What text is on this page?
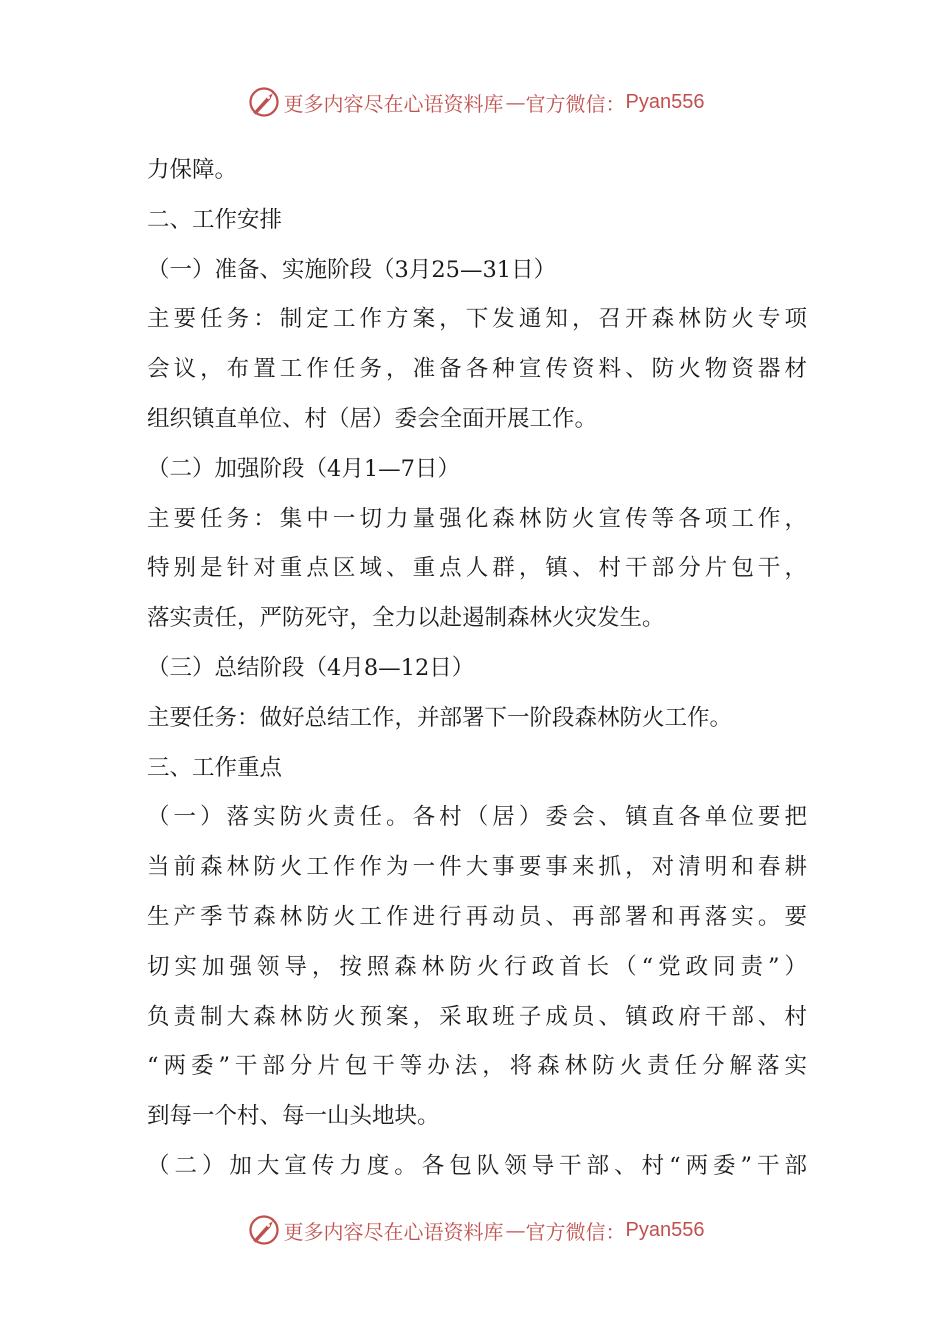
更多内容尽在心语资料库 — 官方微信： Pyan556
力保障。
二、工作安排
（一）准备、实施阶段（3月25—31日）
主要任务：制定工作方案，下发通知，召开森林防火专项
会议，布置工作任务，准备各种宣传资料、防火物资器材
组织镇直单位、村（居）委会全面开展工作。
（二）加强阶段（4月1—7日）
主要任务：集中一切力量强化森林防火宣传等各项工作，
特别是针对重点区域、重点人群，镇、村干部分片包干，
落实责任，严防死守，全力以赴遏制森林火灾发生。
（三）总结阶段（4月8—12日）
主要任务：做好总结工作，并部署下一阶段森林防火工作。
三、工作重点
（一）落实防火责任。各村（居）委会、镇直各单位要把
当前森林防火工作作为一件大事要事来抓，对清明和春耕
生产季节森林防火工作进行再动员、再部署和再落实。要
切实加强领导，按照森林防火行政首长（“党政同责”）
负责制大森林防火预案，采取班子成员、镇政府干部、村
“两委”干部分片包干等办法，将森林防火责任分解落实
到每一个村、每一山头地块。
（二）加大宣传力度。各包队领导干部、村“两委”干部
更多内容尽在心语资料库 — 官方微信： Pyan556
